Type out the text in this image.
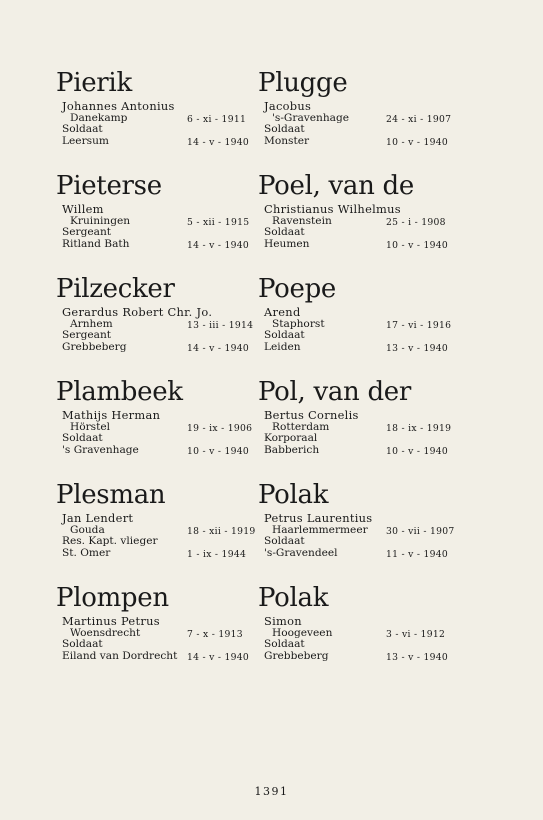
Pierik
Johannes Antonius
Danekamp	6 - xi - 1911
Soldaat
Leersum	14 - v - 1940
Pieterse
Willem
Kruiningen	5 - xii - 1915
Sergeant
Ritland Bath	14 - v - 1940
Pilzecker
Gerardus Robert Chr. Jo.
Arnhem	13 - iii - 1914
Sergeant
Grebbeberg	14 - v - 1940
Plambeek
Mathijs Herman
Hörstel	19 - ix - 1906
Soldaat
's Gravenhage	10 - v - 1940
Plesman
Jan Lendert
Gouda	18 - xii - 1919
Res. Kapt. vlieger
St. Omer	1 - ix - 1944
Plompen
Martinus Petrus
Woensdrecht	7 - x - 1913
Soldaat
Eiland van Dordrecht 14 - v - 1940
Plugge
Jacobus
's-Gravenhage	24 - xi - 1907
Soldaat
Monster	10 - v - 1940
Poel, van de
Christianus Wilhelmus
Ravenstein	25 - i - 1908
Soldaat
Heumen	10 - v - 1940
Poepe
Arend
Staphorst	17 - vi - 1916
Soldaat
Leiden	13 - v - 1940
Pol, van der
Bertus Cornelis
Rotterdam	18 - ix - 1919
Korporaal
Babberich	10 - v - 1940
Polak
Petrus Laurentius
Haarlemmermeer 30 - vii - 1907
Soldaat
's-Gravendeel	11 - v - 1940
Polak
Simon
Hoogeveen	3 - vi - 1912
Soldaat
Grebbeberg	13 - v - 1940
1391
